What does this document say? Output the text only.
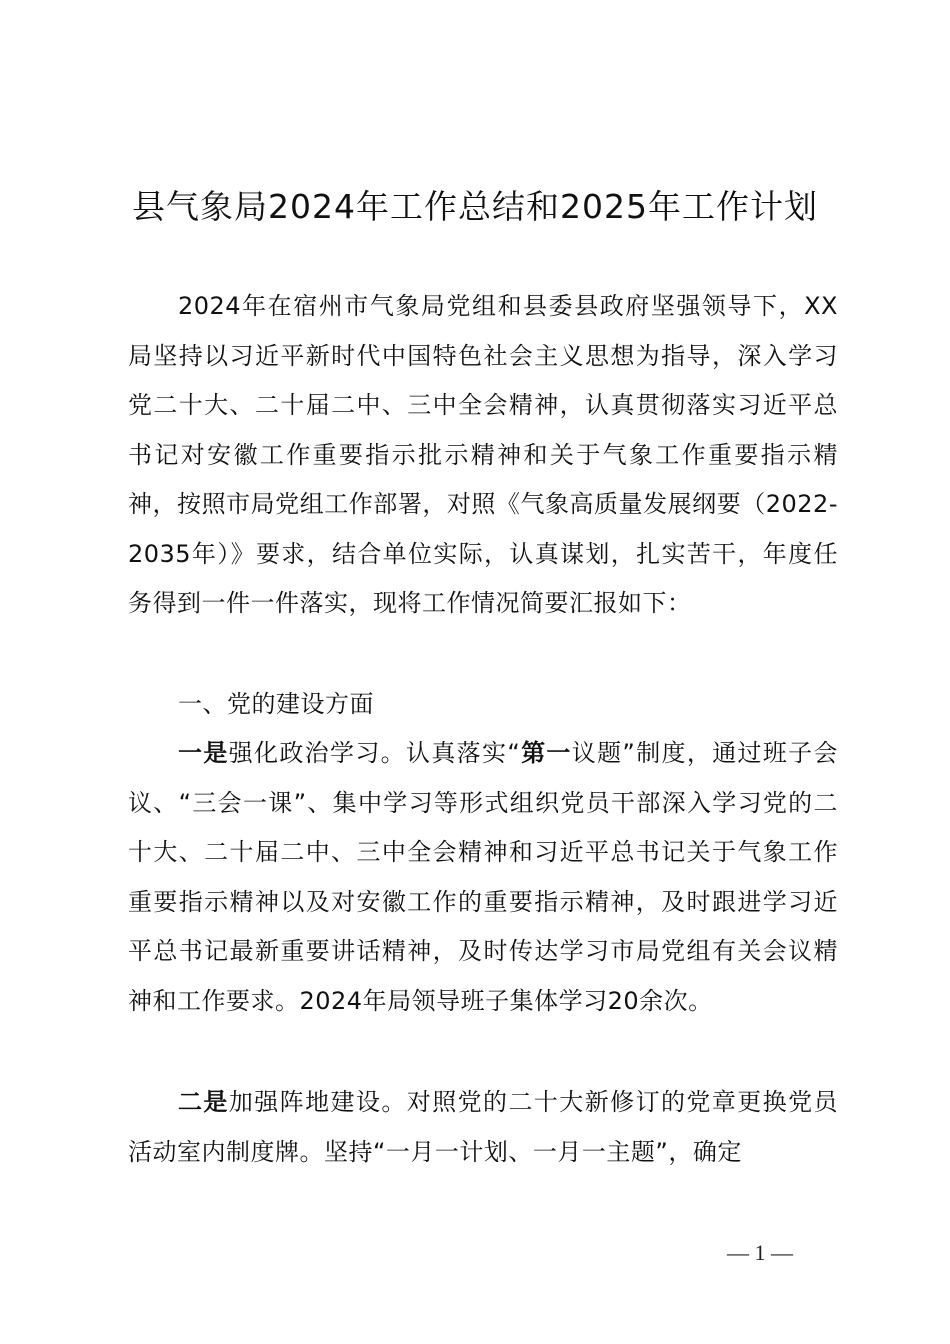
县气象局2024年工作总结和2025年工作计划

2024年在宿州市气象局党组和县委县政府坚强领导下，XX局坚持以习近平新时代中国特色社会主义思想为指导，深入学习党二十大、二十届二中、三中全会精神，认真贯彻落实习近平总书记对安徽工作重要指示批示精神和关于气象工作重要指示精神，按照市局党组工作部署，对照《气象高质量发展纲要（2022-2035年）》要求，结合单位实际，认真谋划，扎实苦干，年度任务得到一件一件落实，现将工作情况简要汇报如下：

一、党的建设方面

一是强化政治学习。认真落实“第一议题”制度，通过班子会议、“三会一课”、集中学习等形式组织党员干部深入学习党的二十大、二十届二中、三中全会精神和习近平总书记关于气象工作重要指示精神以及对安徽工作的重要指示精神，及时跟进学习近平总书记最新重要讲话精神，及时传达学习市局党组有关会议精神和工作要求。2024年局领导班子集体学习20余次。

二是加强阵地建设。对照党的二十大新修订的党章更换党员活动室内制度牌。坚持“一月一计划、一月一主题”，确定

— 1 —
